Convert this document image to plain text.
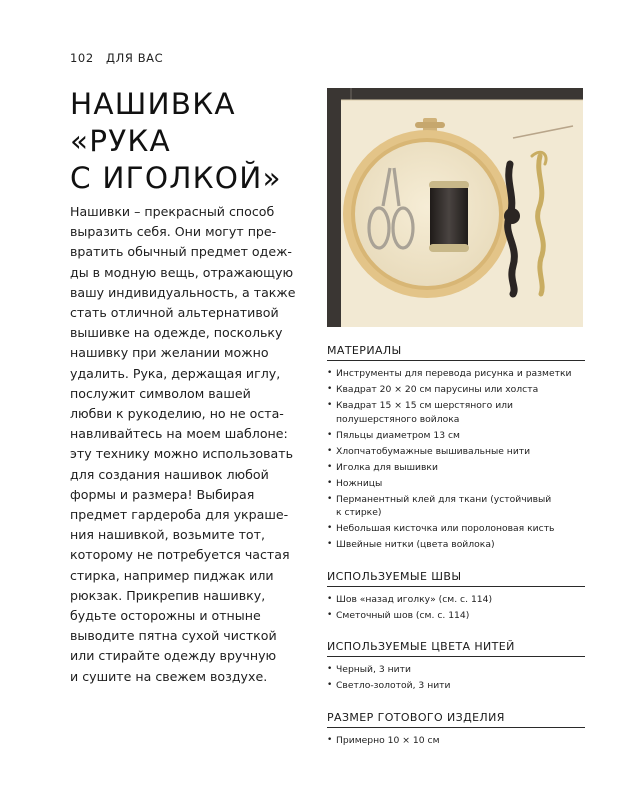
102 ДЛЯ ВАС
НАШИВКА
«РУКА
С ИГОЛКОЙ»
Нашивки – прекрасный способ
выразить себя. Они могут пре-
вратить обычный предмет одеж-
ды в модную вещь, отражающую
вашу индивидуальность, а также
стать отличной альтернативой
вышивке на одежде, поскольку
нашивку при желании можно
удалить. Рука, держащая иглу,
послужит символом вашей
любви к рукоделию, но не оста-
навливайтесь на моем шаблоне:
эту технику можно использовать
для создания нашивок любой
формы и размера! Выбирая
предмет гардероба для украше-
ния нашивкой, возьмите тот,
которому не потребуется частая
стирка, например пиджак или
рюкзак. Прикрепив нашивку,
будьте осторожны и отныне
выводите пятна сухой чисткой
или стирайте одежду вручную
и сушите на свежем воздухе.
МАТЕРИАЛЫ
• Инструменты для перевода рисунка и разметки
• Квадрат 20 × 20 см парусины или холста
• Квадрат 15 × 15 см шерстяного или
полушерстяного войлока
• Пяльцы диаметром 13 см
• Хлопчатобумажные вышивальные нити
• Иголка для вышивки
• Ножницы
• Перманентный клей для ткани (устойчивый
к стирке)
• Небольшая кисточка или поролоновая кисть
• Швейные нитки (цвета войлока)
ИСПОЛЬЗУЕМЫЕ ШВЫ
• Шов «назад иголку» (см. с. 114)
• Сметочный шов (см. с. 114)
ИСПОЛЬЗУЕМЫЕ ЦВЕТА НИТЕЙ
• Черный, 3 нити
• Светло-золотой, 3 нити
РАЗМЕР ГОТОВОГО ИЗДЕЛИЯ
• Примерно 10 × 10 см
